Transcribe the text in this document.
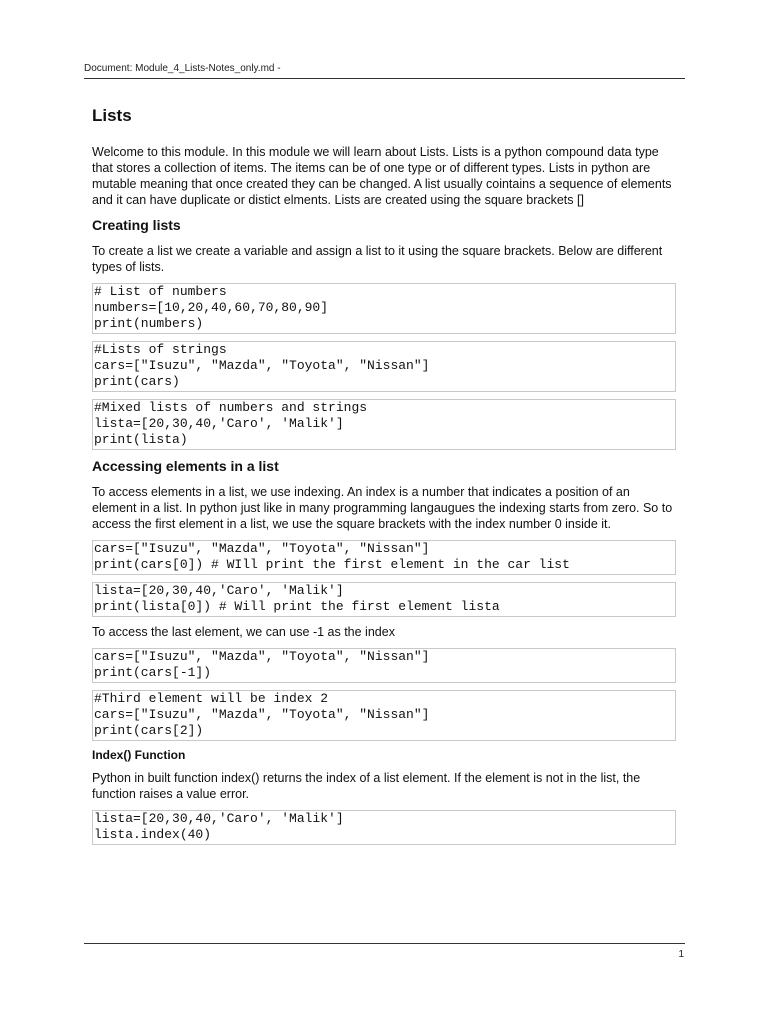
Document: Module_4_Lists-Notes_only.md -
Lists

Welcome to this module. In this module we will learn about Lists. Lists is a python compound data type that stores a collection of items. The items can be of one type or of different types. Lists in python are mutable meaning that once created they can be changed. A list usually cointains a sequence of elements and it can have duplicate or distict elments. Lists are created using the square brackets []

Creating lists

To create a list we create a variable and assign a list to it using the square brackets. Below are different types of lists.

# List of numbers
numbers=[10,20,40,60,70,80,90]
print(numbers)
#Lists of strings
cars=["Isuzu", "Mazda", "Toyota", "Nissan"]
print(cars)
#Mixed lists of numbers and strings
lista=[20,30,40,'Caro', 'Malik']
print(lista)
Accessing elements in a list

To access elements in a list, we use indexing. An index is a number that indicates a position of an element in a list. In python just like in many programming langaugues the indexing starts from zero. So to access the first element in a list, we use the square brackets with the index number 0 inside it.

cars=["Isuzu", "Mazda", "Toyota", "Nissan"]
print(cars[0]) # WIll print the first element in the car list
lista=[20,30,40,'Caro', 'Malik']
print(lista[0]) # Will print the first element lista

To access the last element, we can use -1 as the index

cars=["Isuzu", "Mazda", "Toyota", "Nissan"]
print(cars[-1])
#Third element will be index 2
cars=["Isuzu", "Mazda", "Toyota", "Nissan"]
print(cars[2])
Index() Function

Python in built function index() returns the index of a list element. If the element is not in the list, the function raises a value error.

lista=[20,30,40,'Caro', 'Malik']
lista.index(40)
1
